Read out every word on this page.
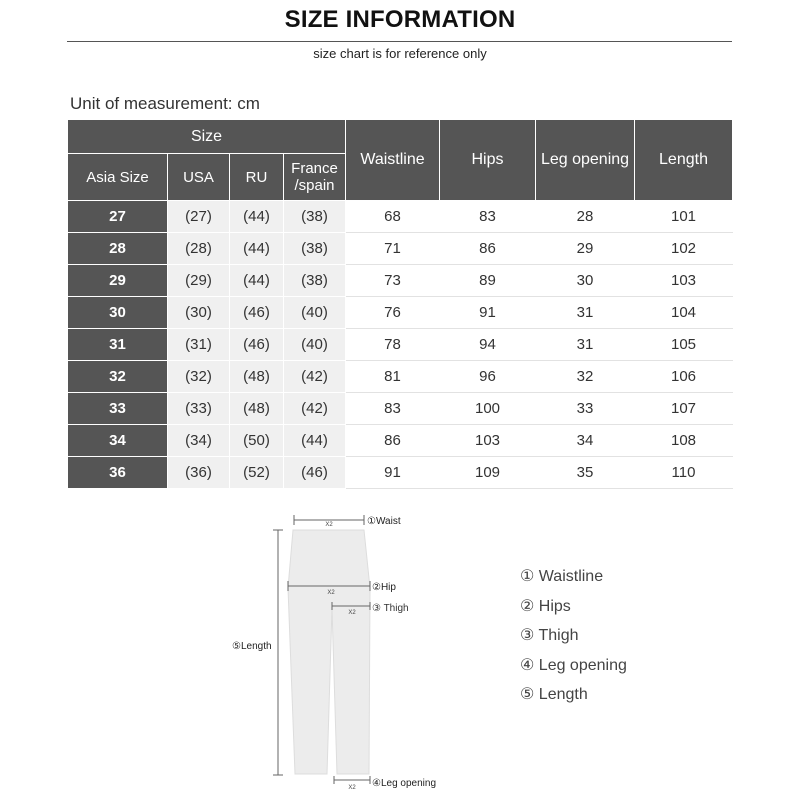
SIZE INFORMATION
size chart is for reference only
Unit of measurement: cm
Size				Waistline	Hips	Leg opening	Length
Asia Size	USA	RU	France /spain				
27	(27)	(44)	(38)	68	83	28	101
28	(28)	(44)	(38)	71	86	29	102
29	(29)	(44)	(38)	73	89	30	103
30	(30)	(46)	(40)	76	91	31	104
31	(31)	(46)	(40)	78	94	31	105
32	(32)	(48)	(42)	81	96	32	106
33	(33)	(48)	(42)	83	100	33	107
34	(34)	(50)	(44)	86	103	34	108
36	(36)	(52)	(46)	91	109	35	110
X2	①Waist
X2	②Hip
X2 ③ Thigh
⑤Length
X2 ④Leg opening
① Waistline
② Hips
③ Thigh
④ Leg opening
⑤ Length
